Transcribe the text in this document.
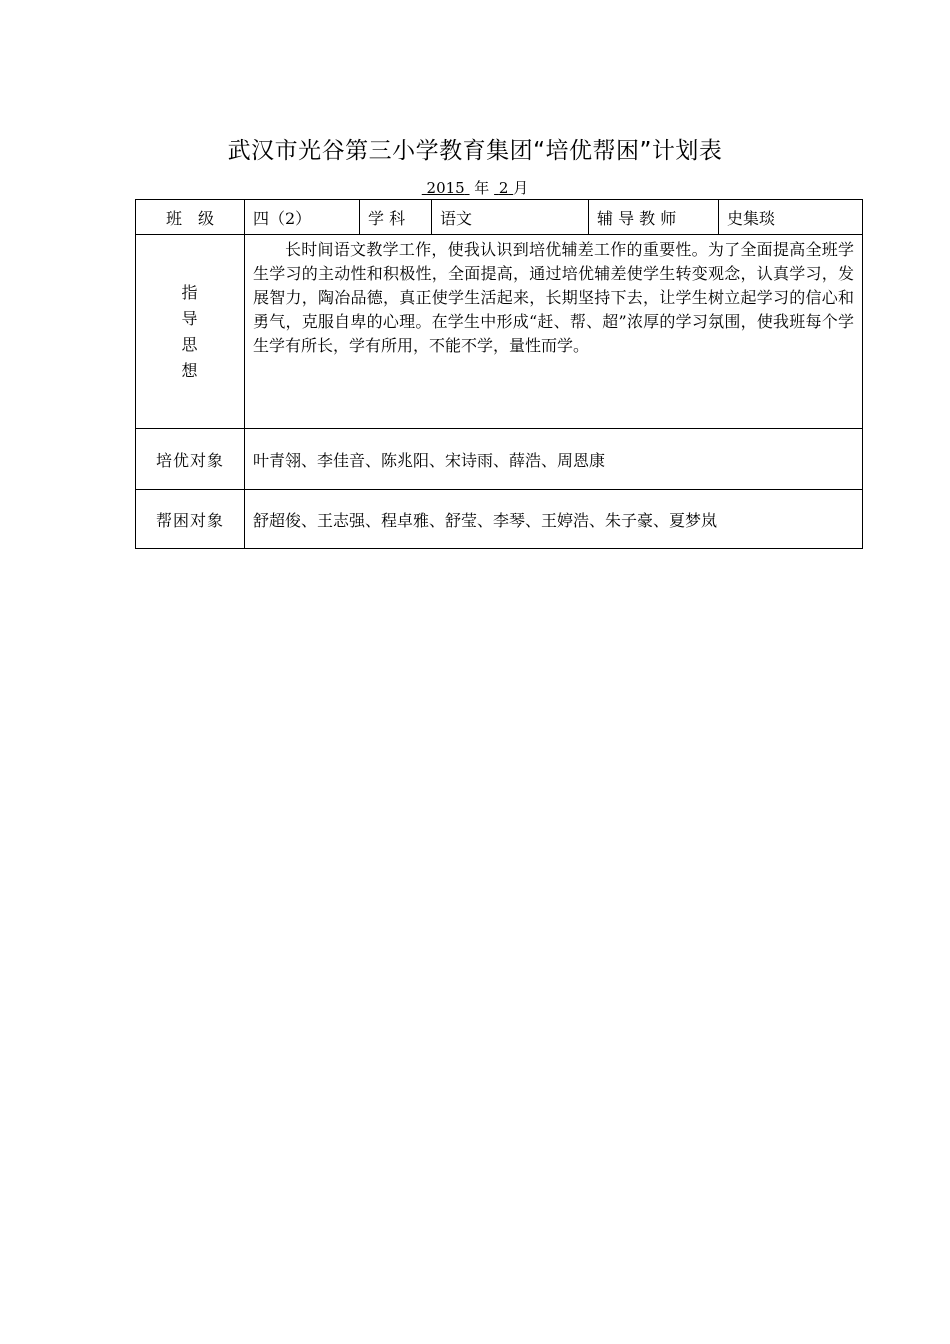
武汉市光谷第三小学教育集团“培优帮困”计划表
2015 年 2 月
班　级	四（2）	学 科	语文	辅 导 教 师	史集琰

指
导
思
想	长时间语文教学工作，使我认识到培优辅差工作的重要性。为了全面提高全班学生学习的主动性和积极性，全面提高，通过培优辅差使学生转变观念，认真学习，发展智力，陶冶品德，真正使学生活起来，长期坚持下去，让学生树立起学习的信心和勇气，克服自卑的心理。在学生中形成“赶、帮、超”浓厚的学习氛围，使我班每个学生学有所长，学有所用，不能不学，量性而学。				

培优对象	叶青翎、李佳音、陈兆阳、宋诗雨、薛浩、周恩康				
帮困对象	舒超俊、王志强、程卓雅、舒莹、李琴、王婷浩、朱子豪、夏梦岚				
